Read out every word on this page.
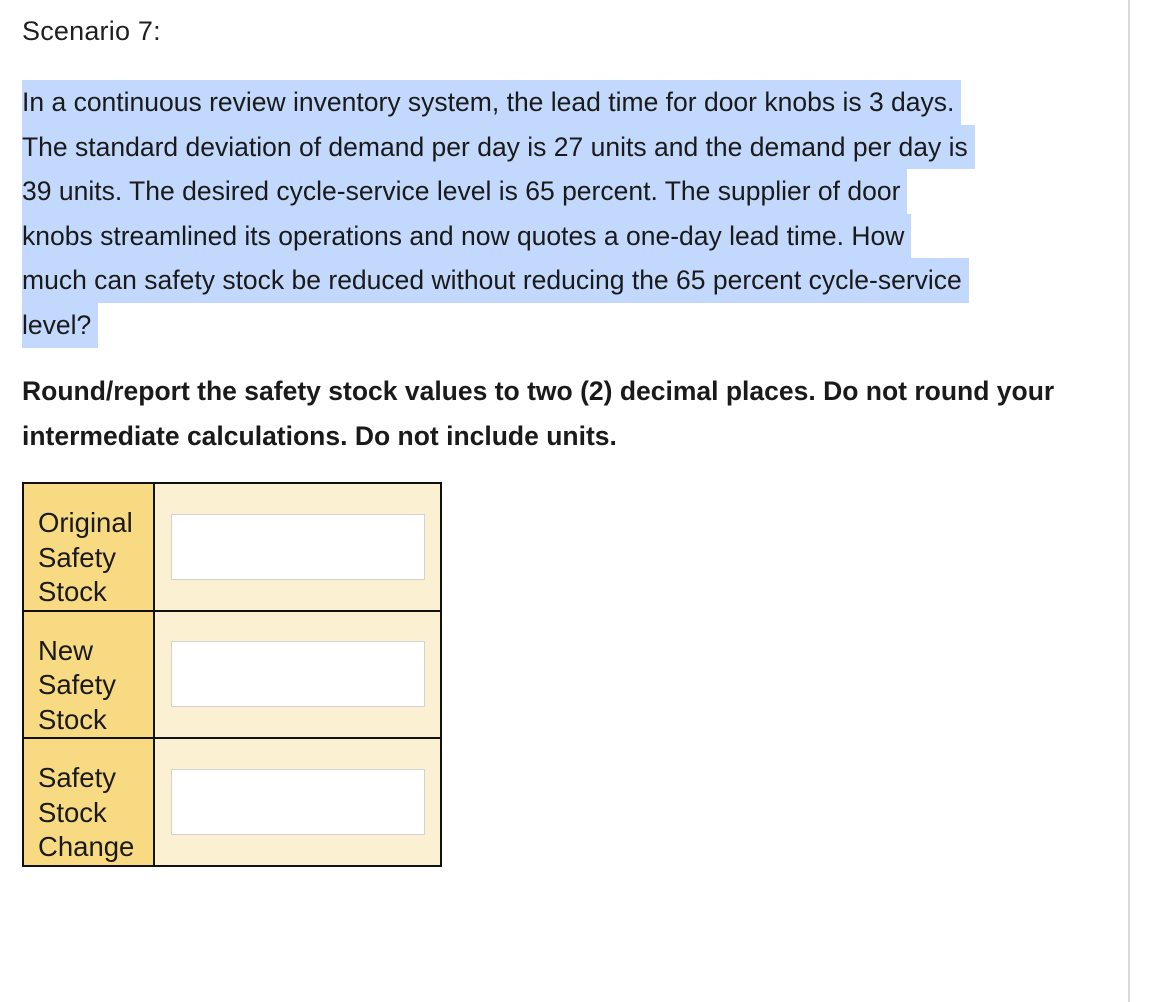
Scenario 7:

In a continuous review inventory system, the lead time for door knobs is 3 days.
The standard deviation of demand per day is 27 units and the demand per day is
39 units. The desired cycle-service level is 65 percent. The supplier of door
knobs streamlined its operations and now quotes a one-day lead time. How
much can safety stock be reduced without reducing the 65 percent cycle-service
level?

Round/report the safety stock values to two (2) decimal places. Do not round your intermediate calculations. Do not include units.

Original Safety Stock

New Safety Stock

Safety Stock Change
